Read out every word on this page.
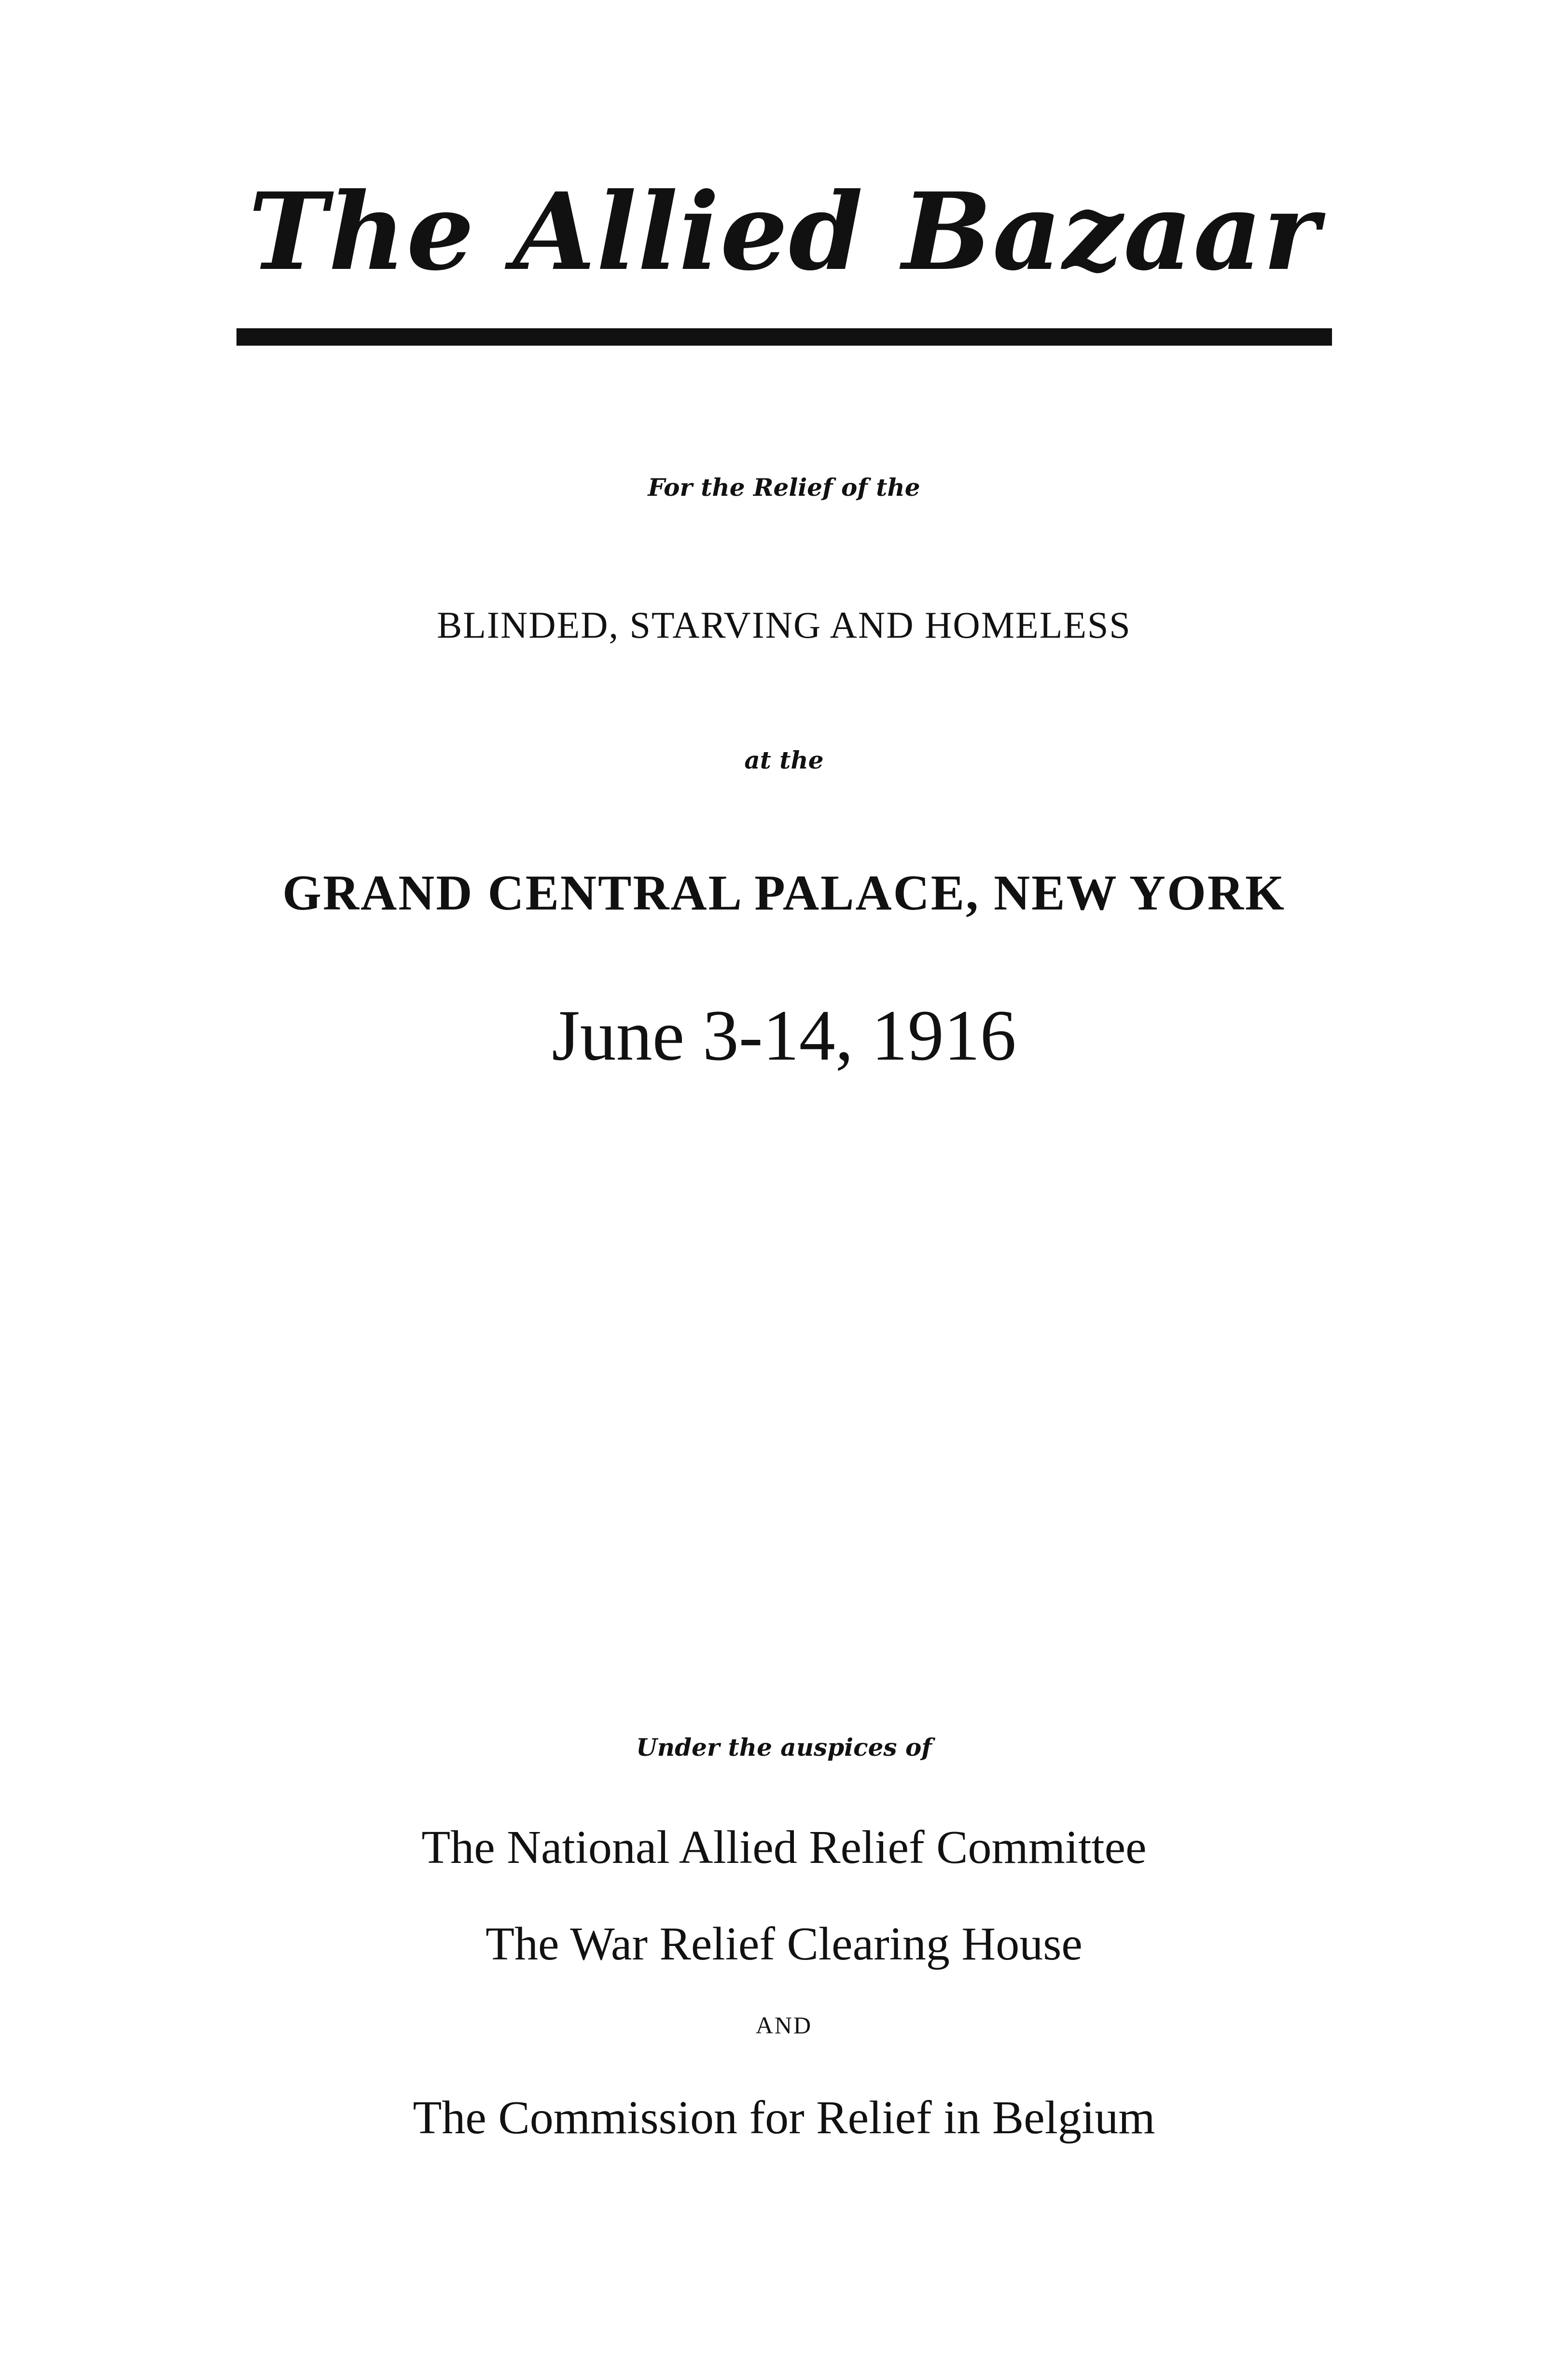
The Allied Bazaar
For the Relief of the
BLINDED, STARVING AND HOMELESS
at the
GRAND CENTRAL PALACE, NEW YORK
June 3-14, 1916
Under the auspices of
The National Allied Relief Committee
The War Relief Clearing House
AND
The Commission for Relief in Belgium
